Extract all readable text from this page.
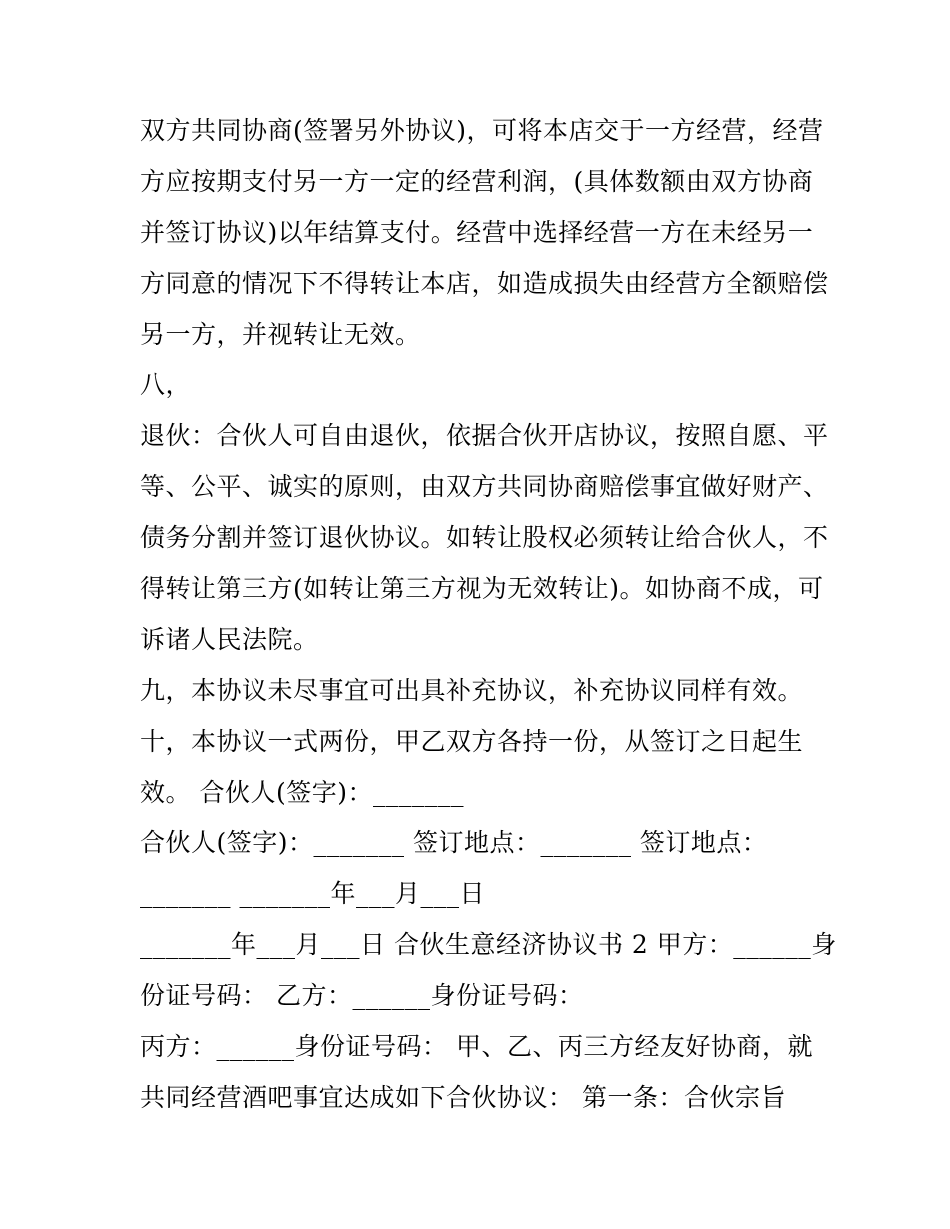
双方共同协商(签署另外协议)，可将本店交于一方经营，经营
方应按期支付另一方一定的经营利润，(具体数额由双方协商
并签订协议)以年结算支付。经营中选择经营一方在未经另一
方同意的情况下不得转让本店，如造成损失由经营方全额赔偿
另一方，并视转让无效。
八，
退伙：合伙人可自由退伙，依据合伙开店协议，按照自愿、平
等、公平、诚实的原则，由双方共同协商赔偿事宜做好财产、
债务分割并签订退伙协议。如转让股权必须转让给合伙人，不
得转让第三方(如转让第三方视为无效转让)。如协商不成，可
诉诸人民法院。
九，本协议未尽事宜可出具补充协议，补充协议同样有效。
十，本协议一式两份，甲乙双方各持一份，从签订之日起生
效。 合伙人(签字)：_______
合伙人(签字)：_______ 签订地点：_______ 签订地点：
_______ _______年___月___日
_______年___月___日 合伙生意经济协议书 2 甲方：______身
份证号码： 乙方：______身份证号码：
丙方：______身份证号码： 甲、乙、丙三方经友好协商，就
共同经营酒吧事宜达成如下合伙协议： 第一条：合伙宗旨
